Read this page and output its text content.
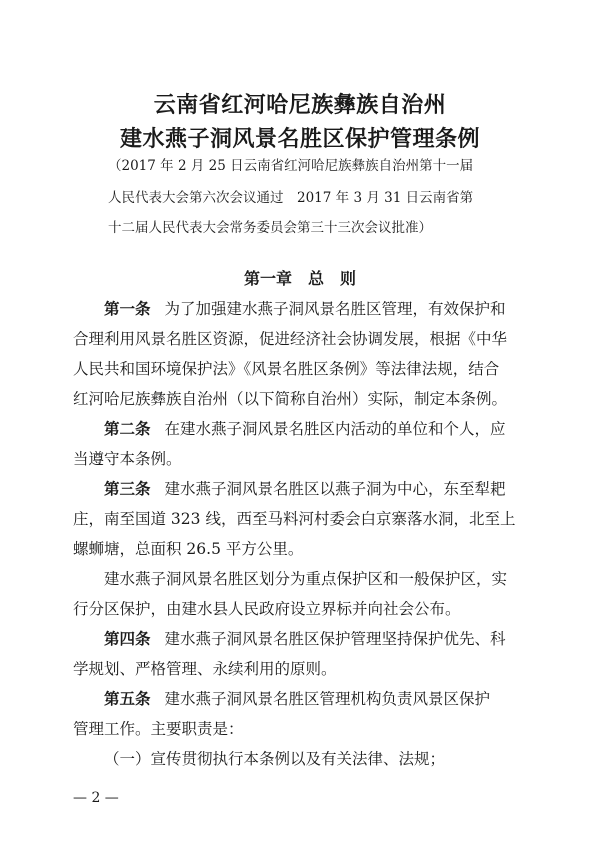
云南省红河哈尼族彝族自治州
建水燕子洞风景名胜区保护管理条例
（2017 年 2 月 25 日云南省红河哈尼族彝族自治州第十一届
人民代表大会第六次会议通过　2017 年 3 月 31 日云南省第
十二届人民代表大会常务委员会第三十三次会议批准）
第一章　总　则
第一条 为了加强建水燕子洞风景名胜区管理，有效保护和
合理利用风景名胜区资源，促进经济社会协调发展，根据《中华
人民共和国环境保护法》《风景名胜区条例》等法律法规，结合
红河哈尼族彝族自治州（以下简称自治州）实际，制定本条例。
第二条 在建水燕子洞风景名胜区内活动的单位和个人，应
当遵守本条例。
第三条 建水燕子洞风景名胜区以燕子洞为中心，东至犁耙
庄，南至国道 323 线，西至马料河村委会白京寨落水洞，北至上
螺蛳塘，总面积 26.5 平方公里。
建水燕子洞风景名胜区划分为重点保护区和一般保护区，实
行分区保护，由建水县人民政府设立界标并向社会公布。
第四条 建水燕子洞风景名胜区保护管理坚持保护优先、科
学规划、严格管理、永续利用的原则。
第五条 建水燕子洞风景名胜区管理机构负责风景区保护
管理工作。主要职责是：
（一）宣传贯彻执行本条例以及有关法律、法规；
— 2 —
